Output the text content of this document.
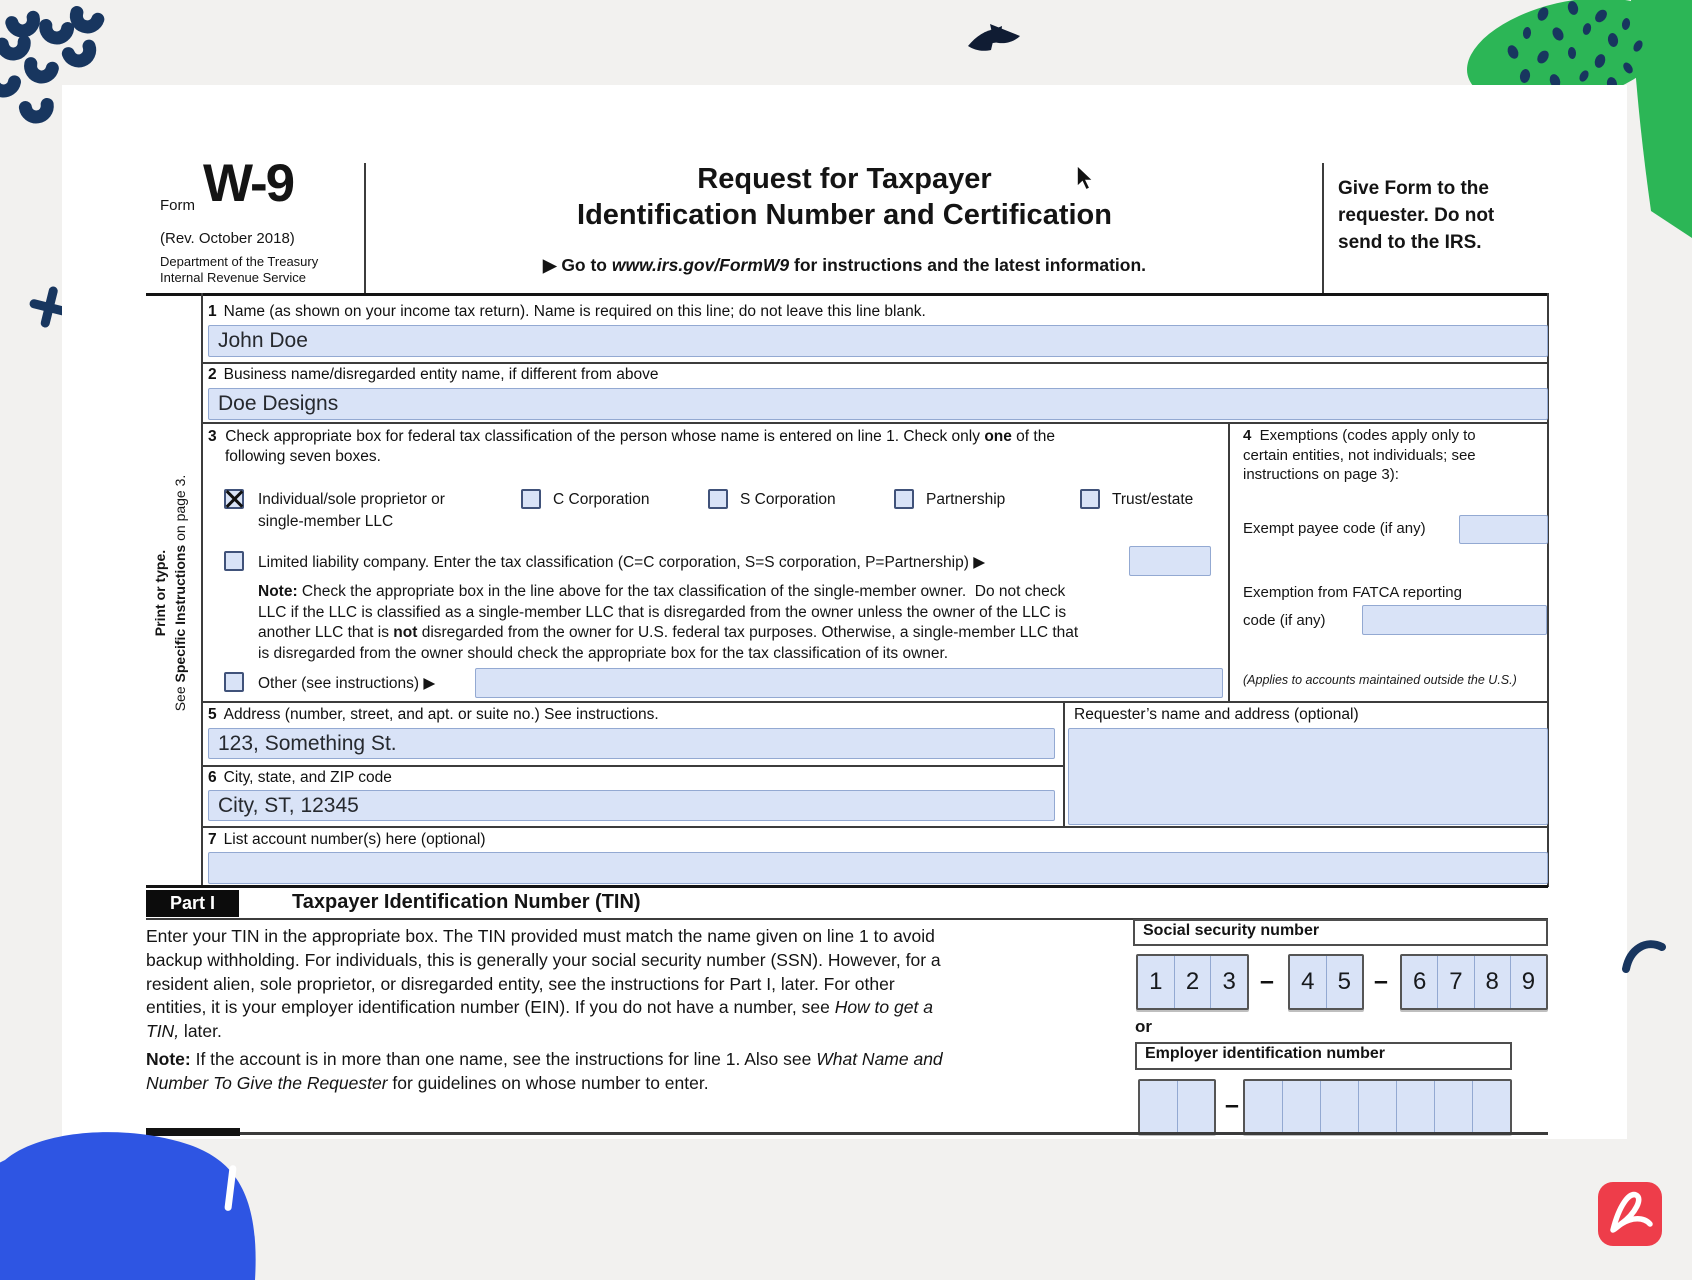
Form W-9
(Rev. October 2018)
Department of the Treasury
Internal Revenue Service
Request for Taxpayer
Identification Number and Certification
▶ Go to www.irs.gov/FormW9 for instructions and the latest information.
Give Form to the
requester. Do not
send to the IRS.
Print or type.
See Specific Instructions on page 3.
1 Name (as shown on your income tax return). Name is required on this line; do not leave this line blank.
John Doe
2 Business name/disregarded entity name, if different from above
Doe Designs
3  Check appropriate box for federal tax classification of the person whose name is entered on line 1. Check only one of the
following seven boxes.
Individual/sole proprietor or
single-member LLC
C Corporation	S Corporation	Partnership	Trust/estate
Limited liability company. Enter the tax classification (C=C corporation, S=S corporation, P=Partnership) ▶
Note: Check the appropriate box in the line above for the tax classification of the single-member owner.  Do not check
LLC if the LLC is classified as a single-member LLC that is disregarded from the owner unless the owner of the LLC is
another LLC that is not disregarded from the owner for U.S. federal tax purposes. Otherwise, a single-member LLC that
is disregarded from the owner should check the appropriate box for the tax classification of its owner.
Other (see instructions) ▶
4  Exemptions (codes apply only to
certain entities, not individuals; see
instructions on page 3):
Exempt payee code (if any)
Exemption from FATCA reporting
code (if any)
(Applies to accounts maintained outside the U.S.)
5 Address (number, street, and apt. or suite no.) See instructions.
123, Something St.
Requester’s name and address (optional)
6 City, state, and ZIP code
City, ST, 12345
7 List account number(s) here (optional)
Part I	Taxpayer Identification Number (TIN)
Enter your TIN in the appropriate box. The TIN provided must match the name given on line 1 to avoid
backup withholding. For individuals, this is generally your social security number (SSN). However, for a
resident alien, sole proprietor, or disregarded entity, see the instructions for Part I, later. For other
entities, it is your employer identification number (EIN). If you do not have a number, see How to get a
TIN, later.
Note: If the account is in more than one name, see the instructions for line 1. Also see What Name and
Number To Give the Requester for guidelines on whose number to enter.
Social security number
1 2 3 –	4 5 –	6 7 8 9
or
Employer identification number
–
